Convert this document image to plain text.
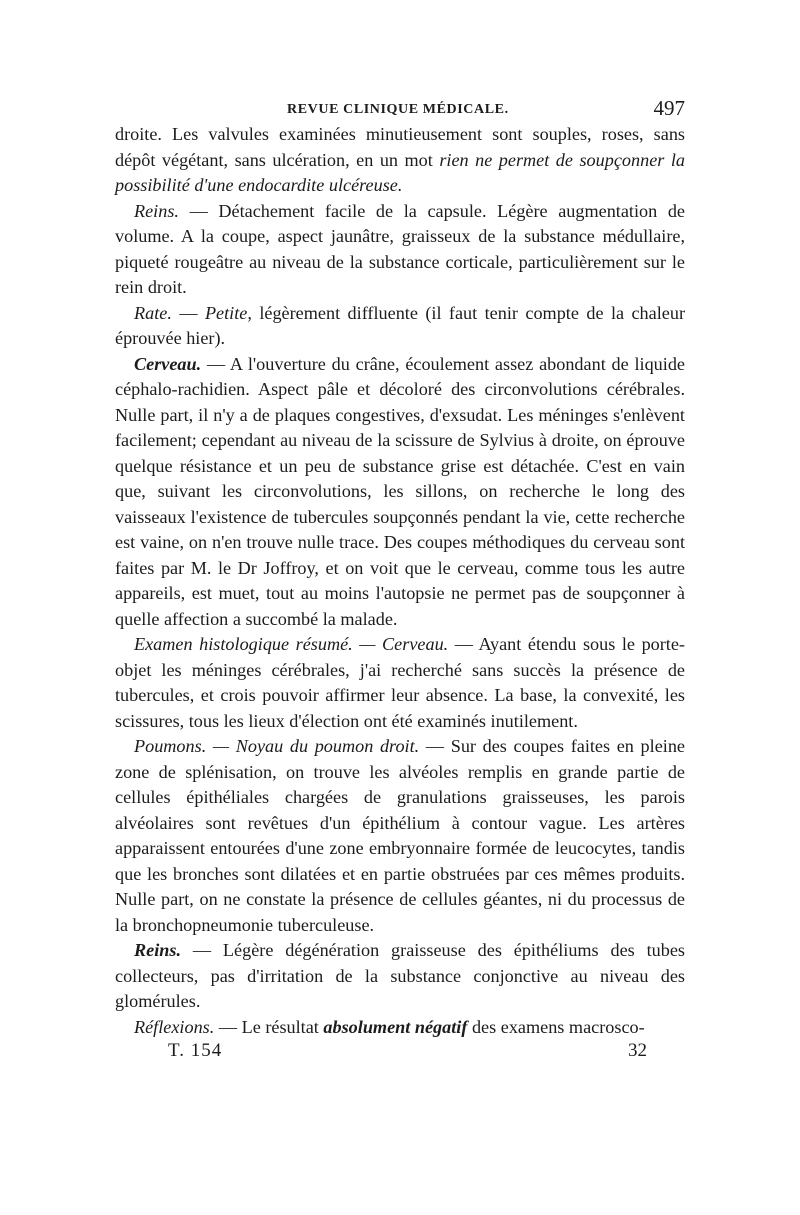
REVUE CLINIQUE MÉDICALE.	497

droite. Les valvules examinées minutieusement sont souples, roses, sans dépôt végétant, sans ulcération, en un mot rien ne permet de soupçonner la possibilité d'une endocardite ulcéreuse.

Reins. — Détachement facile de la capsule. Légère augmentation de volume. A la coupe, aspect jaunâtre, graisseux de la substance médullaire, piqueté rougeâtre au niveau de la substance corticale, particulièrement sur le rein droit.

Rate. — Petite, légèrement diffluente (il faut tenir compte de la chaleur éprouvée hier).

Cerveau. — A l'ouverture du crâne, écoulement assez abondant de liquide céphalo-rachidien. Aspect pâle et décoloré des circonvolutions cérébrales. Nulle part, il n'y a de plaques congestives, d'exsudat. Les méninges s'enlèvent facilement; cependant au niveau de la scissure de Sylvius à droite, on éprouve quelque résistance et un peu de substance grise est détachée. C'est en vain que, suivant les circonvolutions, les sillons, on recherche le long des vaisseaux l'existence de tubercules soupçonnés pendant la vie, cette recherche est vaine, on n'en trouve nulle trace. Des coupes méthodiques du cerveau sont faites par M. le Dr Joffroy, et on voit que le cerveau, comme tous les autre appareils, est muet, tout au moins l'autopsie ne permet pas de soupçonner à quelle affection a succombé la malade.

Examen histologique résumé. — Cerveau. — Ayant étendu sous le porte-objet les méninges cérébrales, j'ai recherché sans succès la présence de tubercules, et crois pouvoir affirmer leur absence. La base, la convexité, les scissures, tous les lieux d'élection ont été examinés inutilement.

Poumons. — Noyau du poumon droit. — Sur des coupes faites en pleine zone de splénisation, on trouve les alvéoles remplis en grande partie de cellules épithéliales chargées de granulations graisseuses, les parois alvéolaires sont revêtues d'un épithélium à contour vague. Les artères apparaissent entourées d'une zone embryonnaire formée de leucocytes, tandis que les bronches sont dilatées et en partie obstruées par ces mêmes produits. Nulle part, on ne constate la présence de cellules géantes, ni du processus de la bronchopneumonie tuberculeuse.

Reins. — Légère dégénération graisseuse des épithéliums des tubes collecteurs, pas d'irritation de la substance conjonctive au niveau des glomérules.

Réflexions. — Le résultat absolument négatif des examens macrosco-

T. 154	32
